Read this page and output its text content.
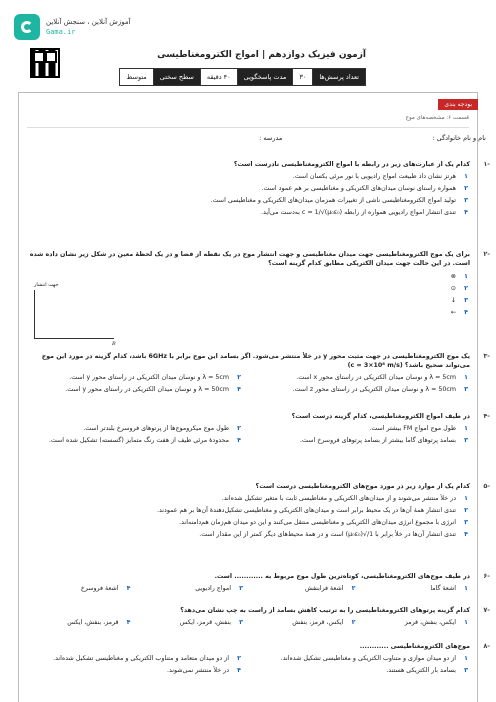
آموزش آنلاین ، سنجش آنلاین
Gama.ir
آزمون فیزیک دوازدهم | امواج الکترومغناطیسی
تعداد پرسش‌ها
۳۰
مدت پاسخگویی
۴۰ دقیقه
سطح سختی
متوسط
بودجه بندی
قسمت ۶: مشخصه‌های موج
نام و نام خانوادگی :
مدرسه :
-۱
کدام یک از عبارت‌های زیر در رابطه با امواج الکترومغناطیسی نادرست است؟
۱
هرتز نشان داد طبیعت امواج رادیویی با نور مرئی یکسان است.
۲
همواره راستای نوسان میدان‌های الکتریکی و مغناطیسی بر هم عمود است.
۳
تولید امواج الکترومغناطیسی ناشی از تغییرات همزمان میدان‌های الکتریکی و مغناطیسی است.
۴
تندی انتشار امواج رادیویی همواره از رابطه c = 1/√(μ₀ε₀) به‌دست می‌آید.
-۲
برای یک موج الکترومغناطیسی جهت میدان مغناطیسی و جهت انتشار موج در یک نقطه از فضا و در یک لحظهٔ معین در شکل زیر نشان داده شده است. در این حالت جهت میدان الکتریکی مطابق کدام گزینه است؟
۱
⊗
۲
⊙
۳
↓
۴
←
جهت انتشار
B
-۳
یک موج الکترومغناطیسی در جهت مثبت محور y در خلأ منتشر می‌شود. اگر بسامد این موج برابر با 6GHz باشد، کدام گزینه در مورد این موج می‌تواند صحیح باشد؟ (c = 3×10⁸ m/s)
۱
λ = 5cm و نوسان میدان الکتریکی در راستای محور x است.
۲
λ = 5cm و نوسان میدان الکتریکی در راستای محور y است.
۳
λ = 50cm و نوسان میدان الکتریکی در راستای محور z است.
۴
λ = 50cm و نوسان میدان الکتریکی در راستای محور y است.
-۴
در طیف امواج الکترومغناطیسی، کدام گزینه درست است؟
۱
طول موج امواج FM بیشتر است.
۲
طول موج میکروموج‌ها از پرتوهای فروسرخ بلندتر است.
۳
بسامد پرتوهای گاما بیشتر از بسامد پرتوهای فروسرخ است.
۴
محدودهٔ مرئی طیف از هفت رنگ متمایز (گسسته) تشکیل شده است.
-۵
کدام یک از موارد زیر در مورد موج‌های الکترومغناطیسی درست است؟
۱
در خلأ منتشر می‌شوند و از میدان‌های الکتریکی و مغناطیسی ثابت با متغیر تشکیل شده‌اند.
۲
تندی انتشار همهٔ آن‌ها در یک محیط برابر است و میدان‌های الکتریکی و مغناطیسی تشکیل‌دهندهٔ آن‌ها بر هم عمودند.
۳
انرژی با مجموع انرژی میدان‌های الکتریکی و مغناطیسی منتقل می‌کنند و این دو میدان هم‌زمان هم‌دامنه‌اند.
۴
تندی انتشار آن‌ها در خلأ برابر با 1/√(μ₀ε₀) است و در همهٔ محیط‌های دیگر کمتر از این مقدار است.
-۶
در طیف موج‌های الکترومغناطیسی، کوتاه‌ترین طول موج مربوط به ............ است.
۱
اشعهٔ گاما
۲
اشعهٔ فرابنفش
۳
امواج رادیویی
۴
اشعهٔ فروسرخ
-۷
کدام گزینه پرتوهای الکترومغناطیسی را به ترتیب کاهش بسامد از راست به چپ نشان می‌دهد؟
۱
ایکس، بنفش، قرمز
۲
ایکس، قرمز، بنفش
۳
بنفش، قرمز، ایکس
۴
قرمز، بنفش، ایکس
-۸
موج‌های الکترومغناطیسی ............
۱
از دو میدان موازی و متناوب الکتریکی و مغناطیسی تشکیل شده‌اند.
۲
از دو میدان متعامد و متناوب الکتریکی و مغناطیسی تشکیل شده‌اند.
۳
بسامد بار الکتریکی هستند.
۴
در خلأ منتشر نمی‌شوند.
